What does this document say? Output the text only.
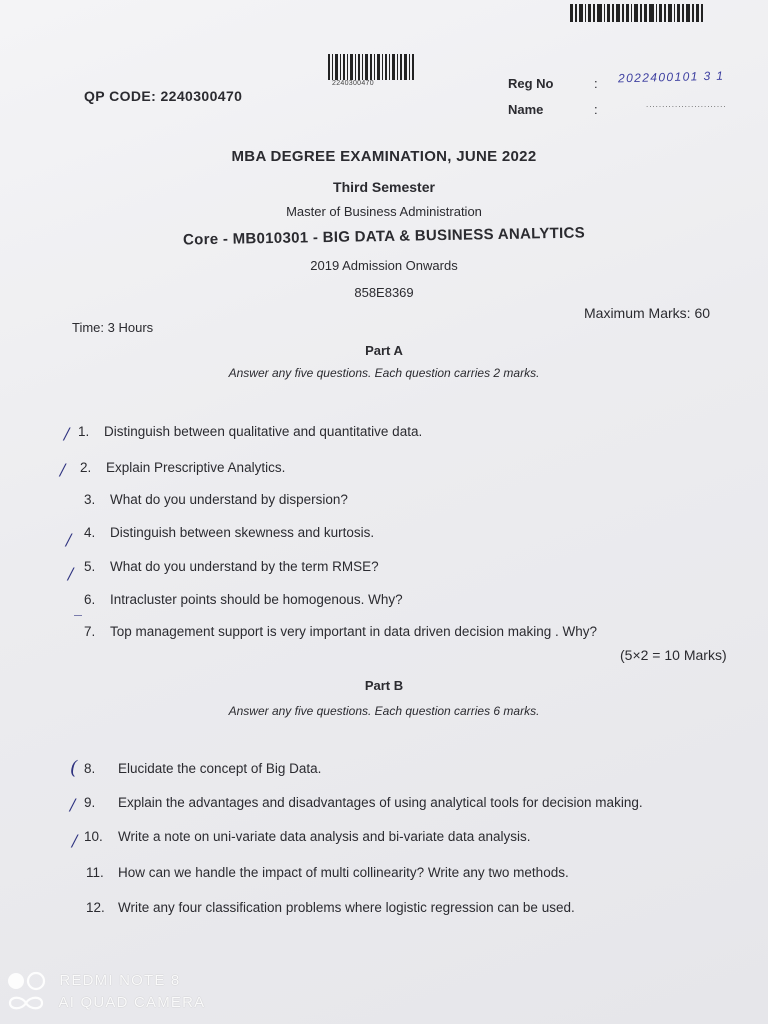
2240300470
QP CODE: 2240300470
Reg No	: 2022400101 3 1
Name	:	.........................
MBA DEGREE EXAMINATION, JUNE 2022
Third Semester
Master of Business Administration
Core - MB010301 - BIG DATA & BUSINESS ANALYTICS
2019 Admission Onwards
858E8369
Time: 3 Hours
Maximum Marks: 60
Part A
Answer any five questions. Each question carries 2 marks.
/ 1. Distinguish between qualitative and quantitative data.
/ 2. Explain Prescriptive Analytics.
3. What do you understand by dispersion?
/ 4. Distinguish between skewness and kurtosis.
/ 5. What do you understand by the term RMSE?
_ 6. Intracluster points should be homogenous. Why?
7. Top management support is very important in data driven decision making . Why?
(5×2 = 10 Marks)
Part B
Answer any five questions. Each question carries 6 marks.
( 8. Elucidate the concept of Big Data.
/ 9. Explain the advantages and disadvantages of using analytical tools for decision making.
/ 10. Write a note on uni-variate data analysis and bi-variate data analysis.
11. How can we handle the impact of multi collinearity? Write any two methods.
12. Write any four classification problems where logistic regression can be used.
REDMI NOTE 8
AI QUAD CAMERA
